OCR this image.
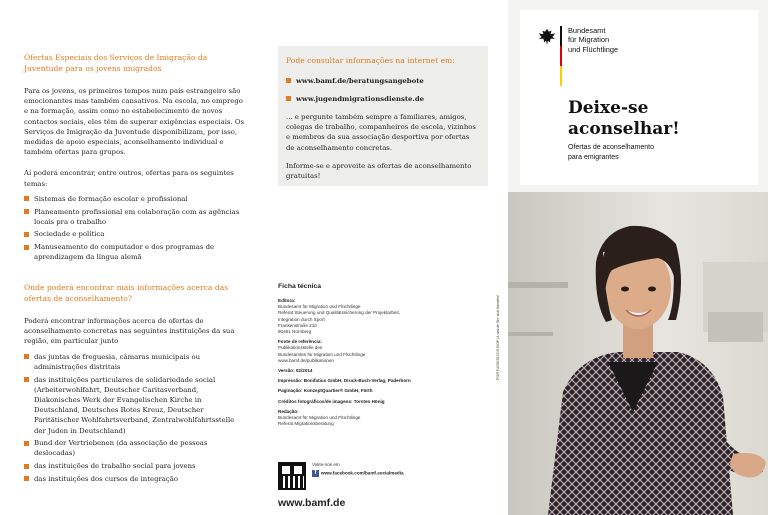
Ofertas Especiais dos Serviços de Imigração da Juventude para os jovens imigrados

Para os jovens, os primeiros tempos num país estrangeiro são emocionantes mas também cansativos. Na escola, no emprego e na formação, assim como no estabelecimento de novos contactos sociais, eles têm de superar exigências especiais. Os Serviços de Imigração da Juventude disponibilizam, por isso, medidas de apoio especiais, aconselhamento individual e também ofertas para grupos.

Aí poderá encontrar, entre outros, ofertas para os seguintes temas:

Sistemas de formação escolar e profissional
Planeamento profissional em colaboração com as agências locais pra o trabalho
Sociedade e política
Manuseamento do computador e dos programas de aprendizagem da língua alemã
Onde poderá encontrar mais informações acerca das ofertas de aconselhamento?

Poderá encontrar informações acerca de ofertas de aconselhamento concretas nas seguintes instituições da sua região, em particular junto

das juntas de freguesia, câmaras municipais ou administrações distritais
das instituições particulares de solidariedade social (Arbeiterwohlfahrt, Deutscher Caritasverband, Diakonisches Werk der Evangelischen Kirche in Deutschland, Deutsches Rotes Kreuz, Deutscher Paritätischer Wohlfahrtsverband, Zentralwohlfahrtsstelle der Juden in Deutschland)
Bund der Vertriebenen (da associação de pessoas deslocadas)
das instituições de trabalho social para jovens
das instituições dos cursos de integração
Pode consultar informações na internet em:
www.bamf.de/beratungsangebote
www.jugendmigrationsdienste.de

... e pergunte também sempre a familiares, amigos, colegas de trabalho, companheiros de escola, vizinhos e membros da sua associação desportiva por ofertas de aconselhamento concretas.

Informe-se e aproveite as ofertas de aconselhamento gratuitas!

Ficha técnica
Editora:
Bundesamt für Migration und Flüchtlinge
Referat Steuerung und Qualitätssicherung der Projektarbeit,
Integration durch Sport
Frankenstraße 210
90461 Nürnberg
Fonte de referência:
Publikationsstelle des
Bundesamtes für Migration und Flüchtlinge
www.bamf.de/publikationen
Versão: 02/2014
Impressão: Bonifatius GmbH, Druck-Buch-Verlag, Paderborn
Paginação: KonzeptQuartier® GmbH, Fürth
Créditos fotográficos/de imagens: Torsten Hönig
Redação:
Bundesamt für Migration und Flüchtlinge
Referat Migrationsberatung
Visite-nos em
f www.facebook.com/bamf.socialmedia
www.bamf.de
PORTUGIESISCH BOF14 wurde Sie sich beraten!
Bundesamt
für Migration
und Flüchtlinge
Deixe-se
aconselhar!
Ofertas de aconselhamento
para emigrantes
